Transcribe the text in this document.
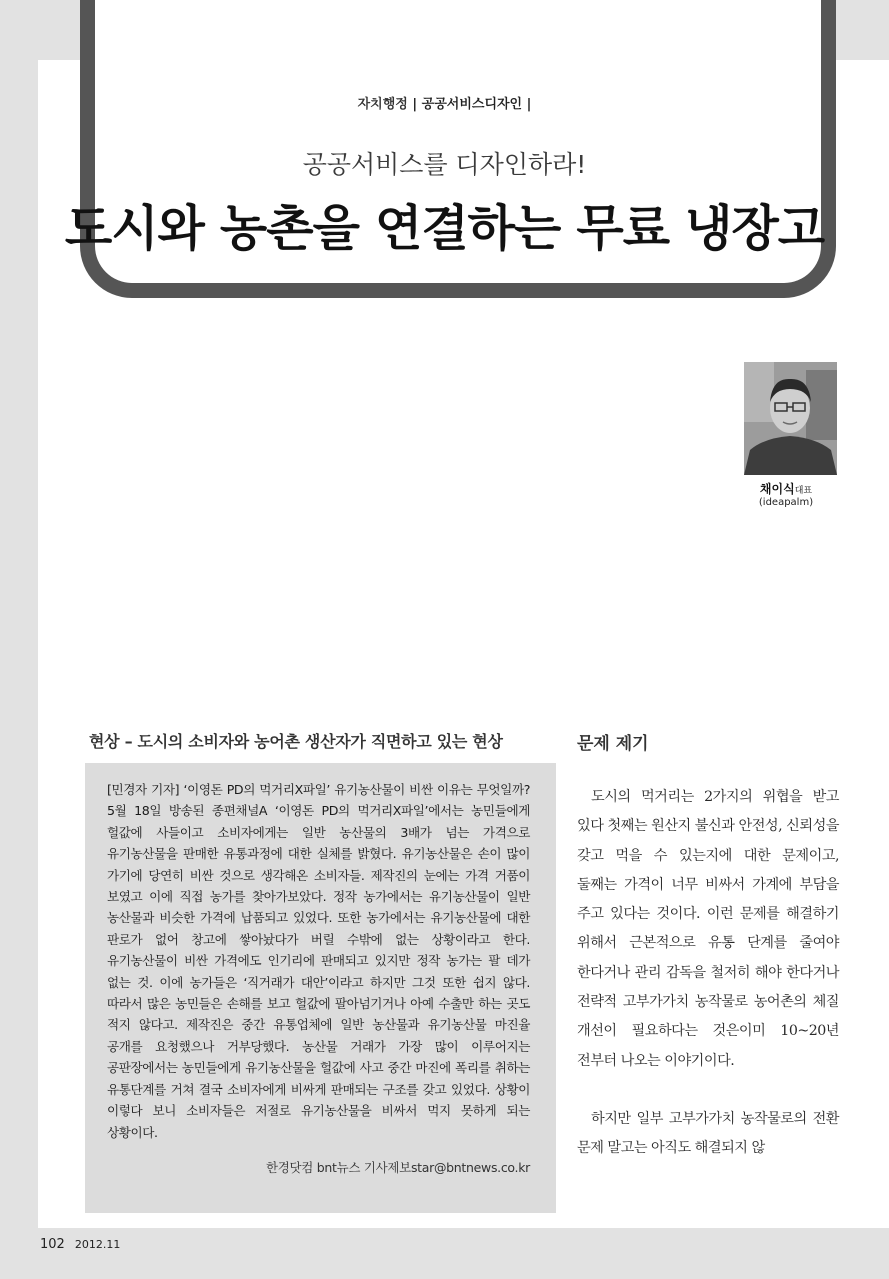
자치행정 | 공공서비스디자인 |
공공서비스를 디자인하라!
도시와 농촌을 연결하는 무료 냉장고
채이식대표
(ideapalm)
현상 – 도시의 소비자와 농어촌 생산자가 직면하고 있는 현상	문제 제기
[민경자 기자] ‘이영돈 PD의 먹거리X파일’ 유기농산물이 비싼 이유는 무엇일까? 5월 18일 방송된 종편채널A ‘이영돈 PD의 먹거리X파일’에서는 농민들에게 헐값에 사들이고 소비자에게는 일반 농산물의 3배가 넘는 가격으로 유기농산물을 판매한 유통과정에 대한 실체를 밝혔다. 유기농산물은 손이 많이 가기에 당연히 비싼 것으로 생각해온 소비자들. 제작진의 눈에는 가격 거품이 보였고 이에 직접 농가를 찾아가보았다. 정작 농가에서는 유기농산물이 일반 농산물과 비슷한 가격에 납품되고 있었다. 또한 농가에서는 유기농산물에 대한 판로가 없어 창고에 쌓아놨다가 버릴 수밖에 없는 상황이라고 한다. 유기농산물이 비싼 가격에도 인기리에 판매되고 있지만 정작 농가는 팔 데가 없는 것. 이에 농가들은 ‘직거래가 대안’이라고 하지만 그것 또한 쉽지 않다. 따라서 많은 농민들은 손해를 보고 헐값에 팔아넘기거나 아예 수출만 하는 곳도 적지 않다고. 제작진은 중간 유통업체에 일반 농산물과 유기농산물 마진율 공개를 요청했으나 거부당했다. 농산물 거래가 가장 많이 이루어지는 공판장에서는 농민들에게 유기농산물을 헐값에 사고 중간 마진에 폭리를 취하는 유통단계를 거쳐 결국 소비자에게 비싸게 판매되는 구조를 갖고 있었다. 상황이 이렇다 보니 소비자들은 저절로 유기농산물을 비싸서 먹지 못하게 되는 상황이다.
한경닷컴 bnt뉴스 기사제보star@bntnews.co.kr

도시의 먹거리는 2가지의 위협을 받고 있다 첫째는 원산지 불신과 안전성, 신뢰성을 갖고 먹을 수 있는지에 대한 문제이고, 둘째는 가격이 너무 비싸서 가계에 부담을 주고 있다는 것이다. 이런 문제를 해결하기 위해서 근본적으로 유통 단계를 줄여야 한다거나 관리 감독을 철저히 해야 한다거나 전략적 고부가가치 농작물로 농어촌의 체질 개선이 필요하다는 것은이미 10~20년 전부터 나오는 이야기이다.

하지만 일부 고부가가치 농작물로의 전환 문제 말고는 아직도 해결되지 않

102 2012.11
